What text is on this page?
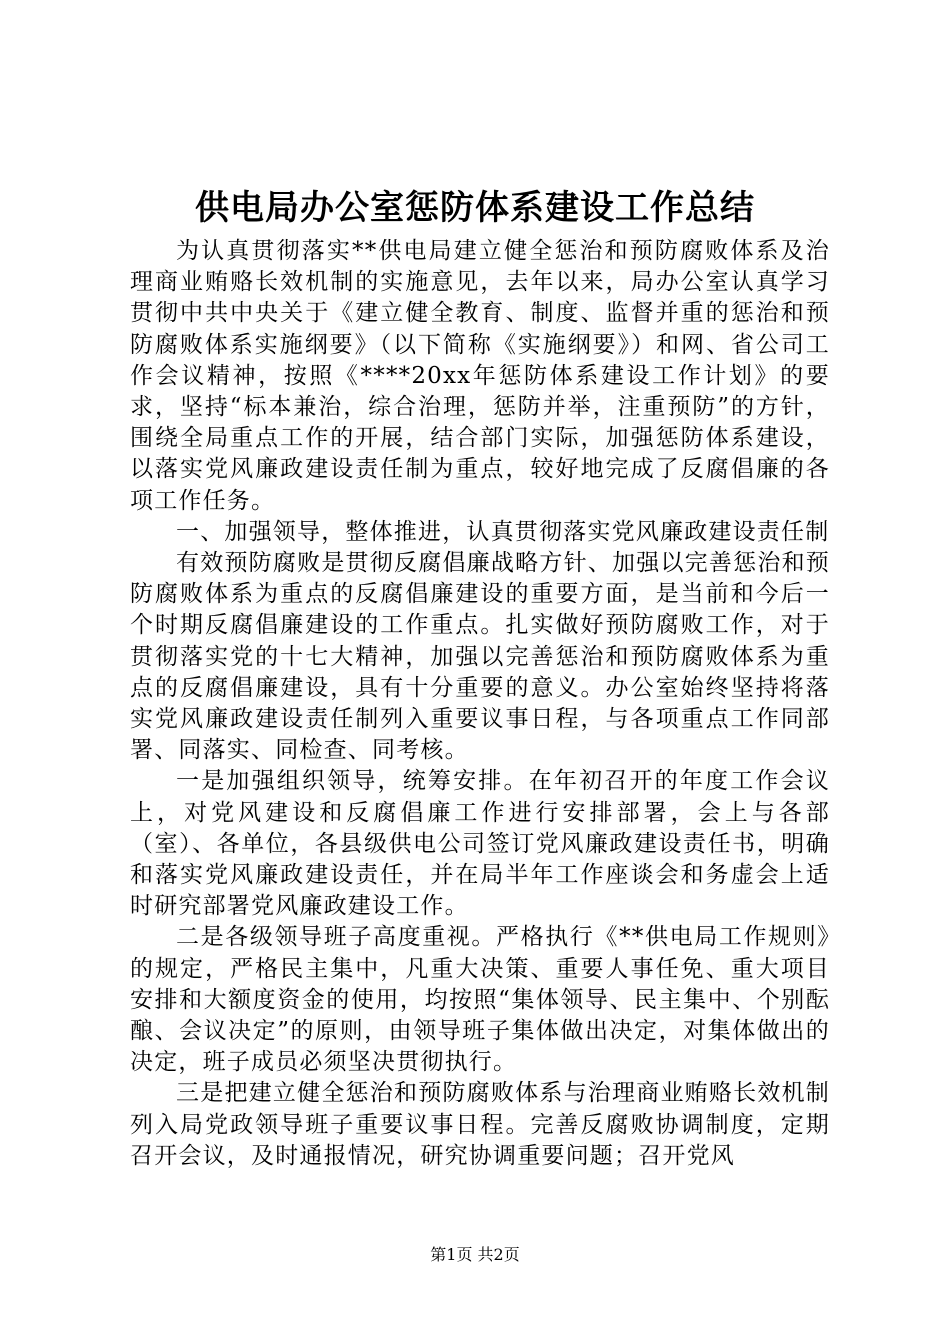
供电局办公室惩防体系建设工作总结

为认真贯彻落实**供电局建立健全惩治和预防腐败体系及治理商业贿赂长效机制的实施意见，去年以来，局办公室认真学习贯彻中共中央关于《建立健全教育、制度、监督并重的惩治和预防腐败体系实施纲要》（以下简称《实施纲要》）和网、省公司工作会议精神，按照《****20xx年惩防体系建设工作计划》的要求，坚持“标本兼治，综合治理，惩防并举，注重预防”的方针，围绕全局重点工作的开展，结合部门实际，加强惩防体系建设，以落实党风廉政建设责任制为重点，较好地完成了反腐倡廉的各项工作任务。

一、加强领导，整体推进，认真贯彻落实党风廉政建设责任制

有效预防腐败是贯彻反腐倡廉战略方针、加强以完善惩治和预防腐败体系为重点的反腐倡廉建设的重要方面，是当前和今后一个时期反腐倡廉建设的工作重点。扎实做好预防腐败工作，对于贯彻落实党的十七大精神，加强以完善惩治和预防腐败体系为重点的反腐倡廉建设，具有十分重要的意义。办公室始终坚持将落实党风廉政建设责任制列入重要议事日程，与各项重点工作同部署、同落实、同检查、同考核。

一是加强组织领导，统筹安排。在年初召开的年度工作会议上，对党风建设和反腐倡廉工作进行安排部署，会上与各部（室）、各单位，各县级供电公司签订党风廉政建设责任书，明确和落实党风廉政建设责任，并在局半年工作座谈会和务虚会上适时研究部署党风廉政建设工作。

二是各级领导班子高度重视。严格执行《**供电局工作规则》的规定，严格民主集中，凡重大决策、重要人事任免、重大项目安排和大额度资金的使用，均按照“集体领导、民主集中、个别酝酿、会议决定”的原则，由领导班子集体做出决定，对集体做出的决定，班子成员必须坚决贯彻执行。

三是把建立健全惩治和预防腐败体系与治理商业贿赂长效机制列入局党政领导班子重要议事日程。完善反腐败协调制度，定期召开会议，及时通报情况，研究协调重要问题；召开党风

第1页 共2页
